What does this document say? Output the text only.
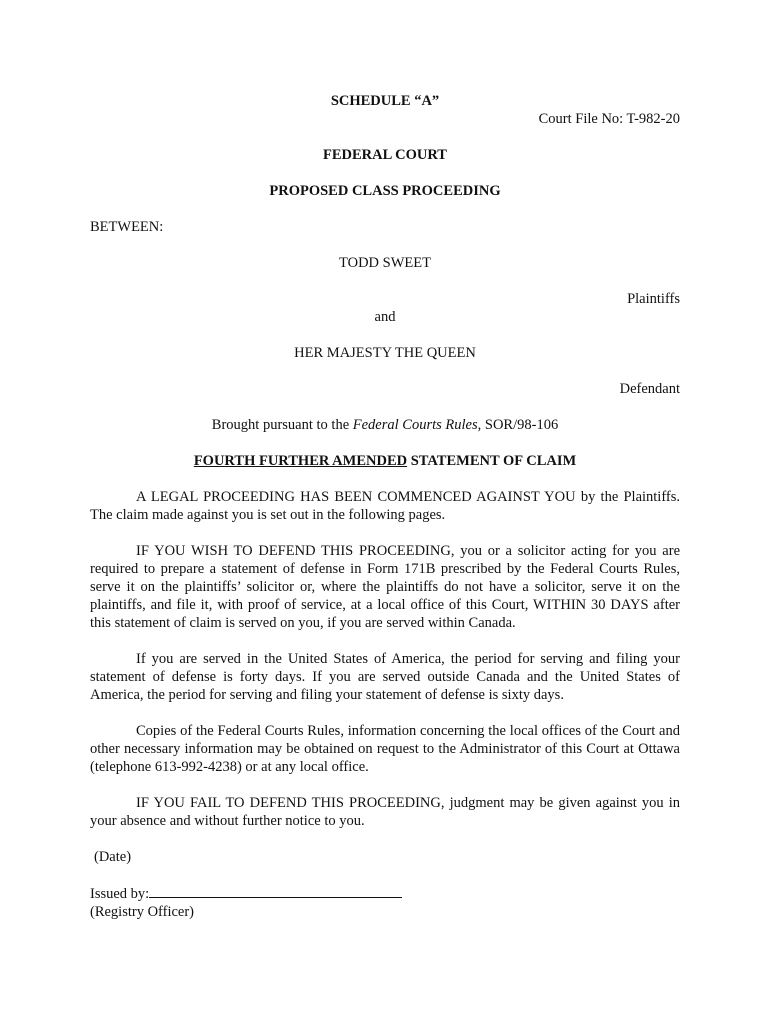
SCHEDULE “A”

Court File No: T-982-20

FEDERAL COURT

PROPOSED CLASS PROCEEDING

BETWEEN:

TODD SWEET

Plaintiffs

and

HER MAJESTY THE QUEEN

Defendant

Brought pursuant to the Federal Courts Rules, SOR/98-106

FOURTH FURTHER AMENDED STATEMENT OF CLAIM

A LEGAL PROCEEDING HAS BEEN COMMENCED AGAINST YOU by the Plaintiffs. The claim made against you is set out in the following pages.

IF YOU WISH TO DEFEND THIS PROCEEDING, you or a solicitor acting for you are required to prepare a statement of defense in Form 171B prescribed by the Federal Courts Rules, serve it on the plaintiffs’ solicitor or, where the plaintiffs do not have a solicitor, serve it on the plaintiffs, and file it, with proof of service, at a local office of this Court, WITHIN 30 DAYS after this statement of claim is served on you, if you are served within Canada.

If you are served in the United States of America, the period for serving and filing your statement of defense is forty days. If you are served outside Canada and the United States of America, the period for serving and filing your statement of defense is sixty days.

Copies of the Federal Courts Rules, information concerning the local offices of the Court and other necessary information may be obtained on request to the Administrator of this Court at Ottawa (telephone 613-992-4238) or at any local office.

IF YOU FAIL TO DEFEND THIS PROCEEDING, judgment may be given against you in your absence and without further notice to you.

(Date)

Issued by:

(Registry Officer)
